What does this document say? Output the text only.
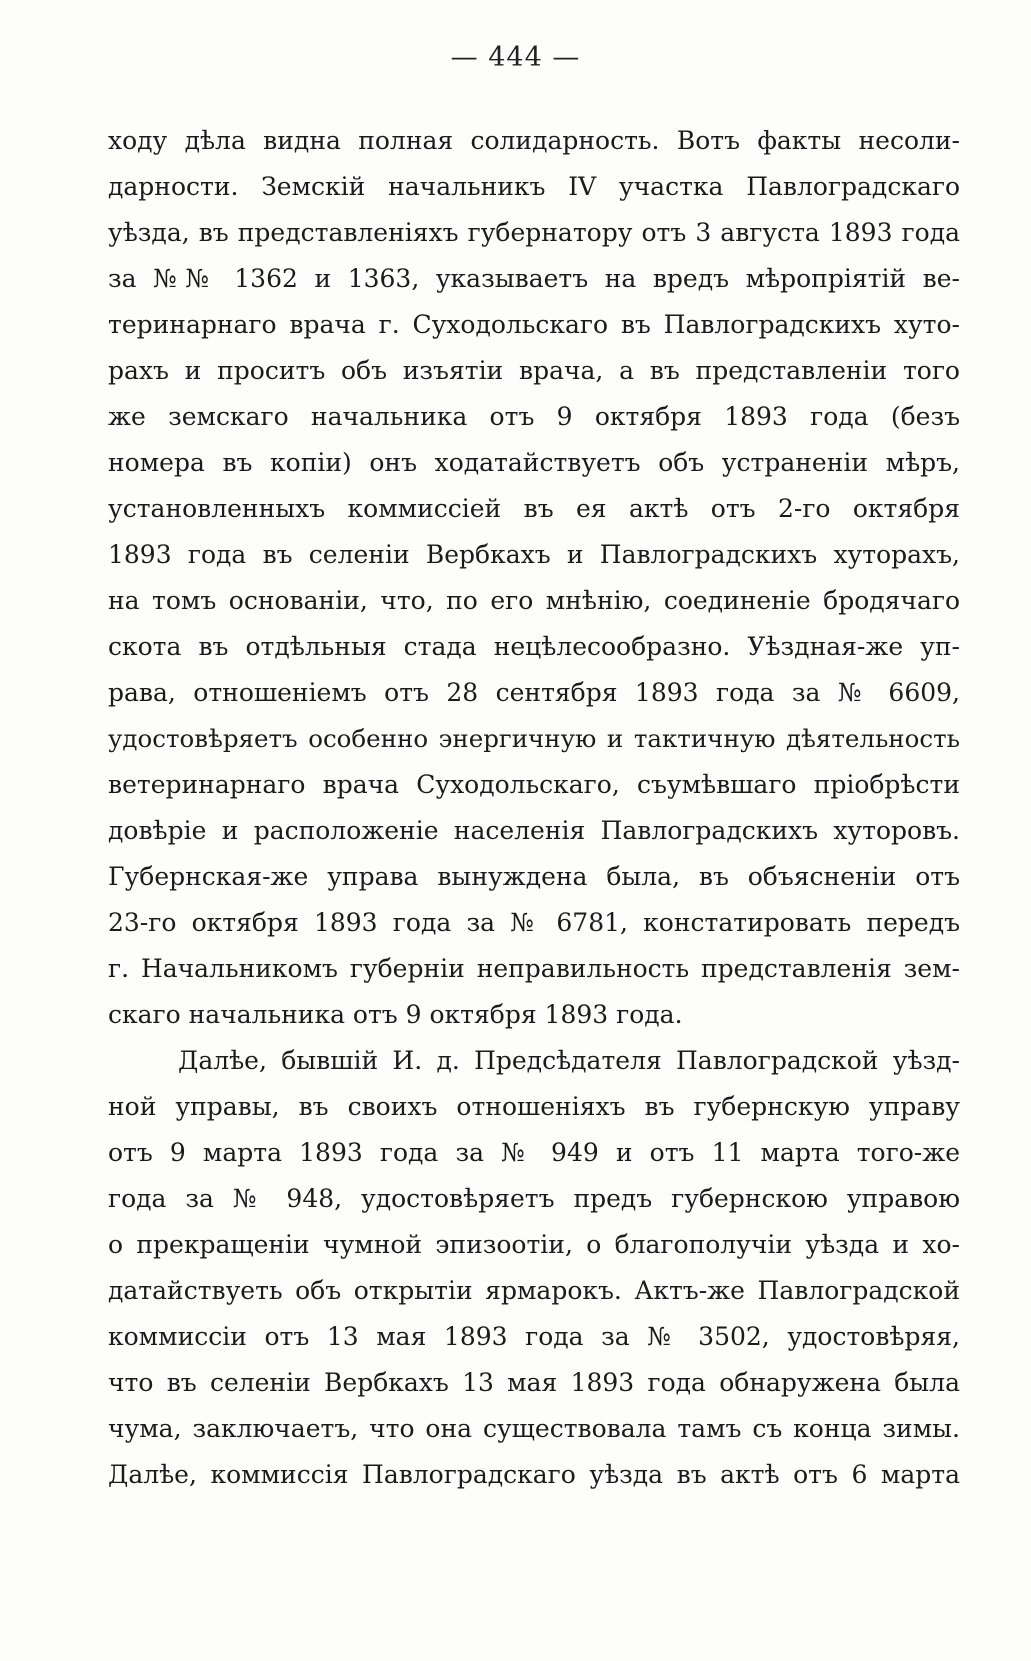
— 444 —
ходу дѣла видна полная солидарность. Вотъ факты несоли-
дарности. Земскій начальникъ IV участка Павлоградскаго
уѣзда, въ представленіяхъ губернатору отъ 3 августа 1893 года
за №№ 1362 и 1363, указываетъ на вредъ мѣропріятій ве-
теринарнаго врача г. Суходольскаго въ Павлоградскихъ хуто-
рахъ и проситъ объ изъятіи врача, а въ представленіи того
же земскаго начальника отъ 9 октября 1893 года (безъ
номера въ копіи) онъ ходатайствуетъ объ устраненіи мѣръ,
установленныхъ коммиссіей въ ея актѣ отъ 2-го октября
1893 года въ селеніи Вербкахъ и Павлоградскихъ хуторахъ,
на томъ основаніи, что, по его мнѣнію, соединеніе бродячаго
скота въ отдѣльныя стада нецѣлесообразно. Уѣздная-же уп-
рава, отношеніемъ отъ 28 сентября 1893 года за № 6609,
удостовѣряетъ особенно энергичную и тактичную дѣятельность
ветеринарнаго врача Суходольскаго, съумѣвшаго пріобрѣсти
довѣріе и расположеніе населенія Павлоградскихъ хуторовъ.
Губернская-же управа вынуждена была, въ объясненіи отъ
23-го октября 1893 года за № 6781, констатировать передъ
г. Начальникомъ губерніи неправильность представленія зем-
скаго начальника отъ 9 октября 1893 года.
Далѣе, бывшій И. д. Предсѣдателя Павлоградской уѣзд-
ной управы, въ своихъ отношеніяхъ въ губернскую управу
отъ 9 марта 1893 года за № 949 и отъ 11 марта того-же
года за № 948, удостовѣряетъ предъ губернскою управою
о прекращеніи чумной эпизоотіи, о благополучіи уѣзда и хо-
датайствуеть объ открытіи ярмарокъ. Актъ-же Павлоградской
коммиссіи отъ 13 мая 1893 года за № 3502, удостовѣряя,
что въ селеніи Вербкахъ 13 мая 1893 года обнаружена была
чума, заключаетъ, что она существовала тамъ съ конца зимы.
Далѣе, коммиссія Павлоградскаго уѣзда въ актѣ отъ 6 марта
